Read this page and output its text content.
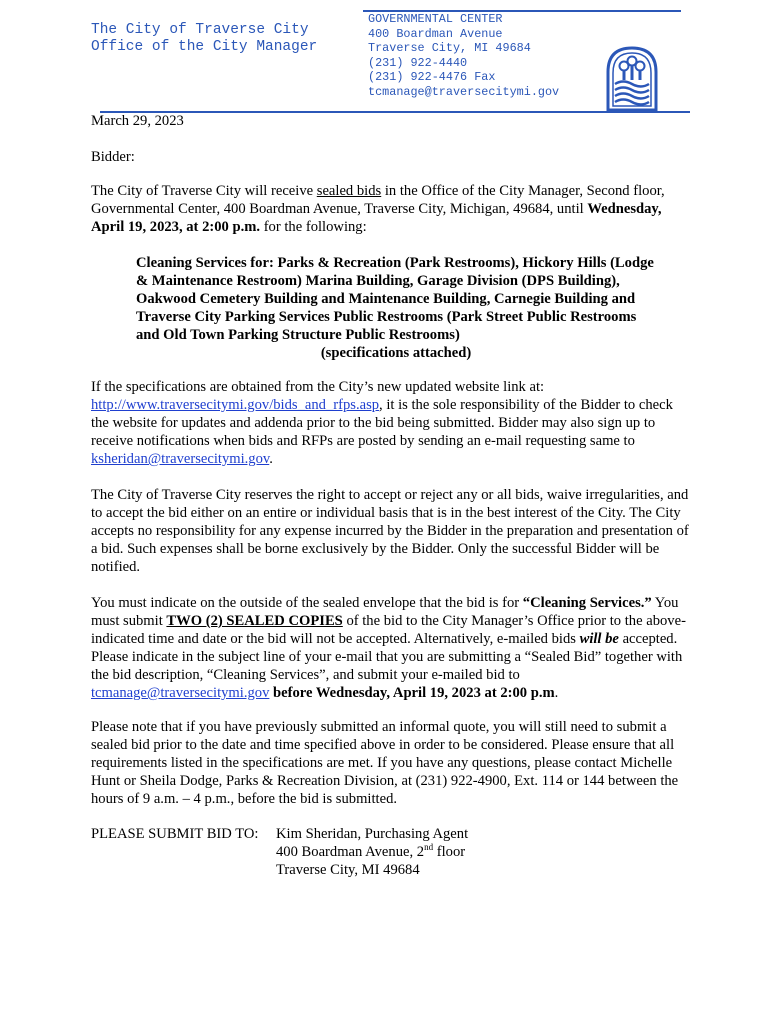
The City of Traverse City
Office of the City Manager
GOVERNMENTAL CENTER
400 Boardman Avenue
Traverse City, MI 49684
(231) 922-4440
(231) 922-4476 Fax
tcmanage@traversecitymi.gov
March 29, 2023
Bidder:

The City of Traverse City will receive sealed bids in the Office of the City Manager, Second floor, Governmental Center, 400 Boardman Avenue, Traverse City, Michigan, 49684, until Wednesday, April 19, 2023, at 2:00 p.m. for the following:

Cleaning Services for: Parks & Recreation (Park Restrooms), Hickory Hills (Lodge & Maintenance Restroom) Marina Building, Garage Division (DPS Building), Oakwood Cemetery Building and Maintenance Building, Carnegie Building and Traverse City Parking Services Public Restrooms (Park Street Public Restrooms and Old Town Parking Structure Public Restrooms)
(specifications attached)

If the specifications are obtained from the City’s new updated website link at: http://www.traversecitymi.gov/bids_and_rfps.asp, it is the sole responsibility of the Bidder to check the website for updates and addenda prior to the bid being submitted. Bidder may also sign up to receive notifications when bids and RFPs are posted by sending an e-mail requesting same to ksheridan@traversecitymi.gov.

The City of Traverse City reserves the right to accept or reject any or all bids, waive irregularities, and to accept the bid either on an entire or individual basis that is in the best interest of the City. The City accepts no responsibility for any expense incurred by the Bidder in the preparation and presentation of a bid. Such expenses shall be borne exclusively by the Bidder. Only the successful Bidder will be notified.

You must indicate on the outside of the sealed envelope that the bid is for “Cleaning Services.” You must submit TWO (2) SEALED COPIES of the bid to the City Manager’s Office prior to the above-indicated time and date or the bid will not be accepted. Alternatively, e-mailed bids will be accepted. Please indicate in the subject line of your e-mail that you are submitting a “Sealed Bid” together with the bid description, “Cleaning Services”, and submit your e-mailed bid to tcmanage@traversecitymi.gov before Wednesday, April 19, 2023 at 2:00 p.m.

Please note that if you have previously submitted an informal quote, you will still need to submit a sealed bid prior to the date and time specified above in order to be considered. Please ensure that all requirements listed in the specifications are met. If you have any questions, please contact Michelle Hunt or Sheila Dodge, Parks & Recreation Division, at (231) 922-4900, Ext. 114 or 144 between the hours of 9 a.m. – 4 p.m., before the bid is submitted.

PLEASE SUBMIT BID TO:	Kim Sheridan, Purchasing Agent
400 Boardman Avenue, 2nd floor
Traverse City, MI 49684
